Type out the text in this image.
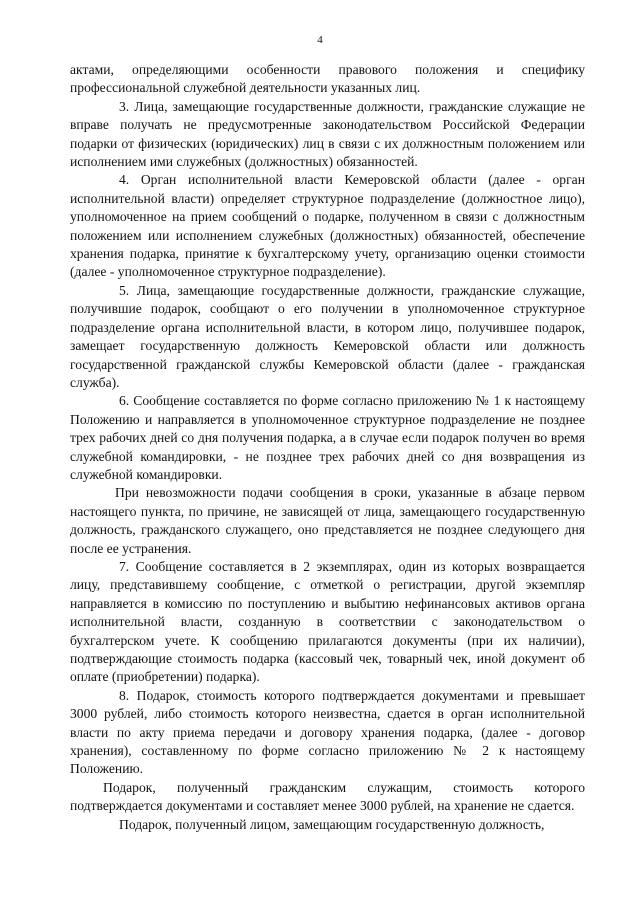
4

актами, определяющими особенности правового положения и специфику профессиональной служебной деятельности указанных лиц.

3. Лица, замещающие государственные должности, гражданские служащие не вправе получать не предусмотренные законодательством Российской Федерации подарки от физических (юридических) лиц в связи с их должностным положением или исполнением ими служебных (должностных) обязанностей.

4. Орган исполнительной власти Кемеровской области (далее - орган исполнительной власти) определяет структурное подразделение (должностное лицо), уполномоченное на прием сообщений о подарке, полученном в связи с должностным положением или исполнением служебных (должностных) обязанностей, обеспечение хранения подарка, принятие к бухгалтерскому учету, организацию оценки стоимости (далее - уполномоченное структурное подразделение).

5. Лица, замещающие государственные должности, гражданские служащие, получившие подарок, сообщают о его получении в уполномоченное структурное подразделение органа исполнительной власти, в котором лицо, получившее подарок, замещает государственную должность Кемеровской области или должность государственной гражданской службы Кемеровской области (далее - гражданская служба).

6. Сообщение составляется по форме согласно приложению № 1 к настоящему Положению и направляется в уполномоченное структурное подразделение не позднее трех рабочих дней со дня получения подарка, а в случае если подарок получен во время служебной командировки, - не позднее трех рабочих дней со дня возвращения из служебной командировки.

При невозможности подачи сообщения в сроки, указанные в абзаце первом настоящего пункта, по причине, не зависящей от лица, замещающего государственную должность, гражданского служащего, оно представляется не позднее следующего дня после ее устранения.

7. Сообщение составляется в 2 экземплярах, один из которых возвращается лицу, представившему сообщение, с отметкой о регистрации, другой экземпляр направляется в комиссию по поступлению и выбытию нефинансовых активов органа исполнительной власти, созданную в соответствии с законодательством о бухгалтерском учете. К сообщению прилагаются документы (при их наличии), подтверждающие стоимость подарка (кассовый чек, товарный чек, иной документ об оплате (приобретении) подарка).

8. Подарок, стоимость которого подтверждается документами и превышает 3000 рублей, либо стоимость которого неизвестна, сдается в орган исполнительной власти по акту приема передачи и договору хранения подарка, (далее - договор хранения), составленному по форме согласно приложению № 2 к настоящему Положению.

Подарок, полученный гражданским служащим, стоимость которого подтверждается документами и составляет менее 3000 рублей, на хранение не сдается.

Подарок, полученный лицом, замещающим государственную должность,
